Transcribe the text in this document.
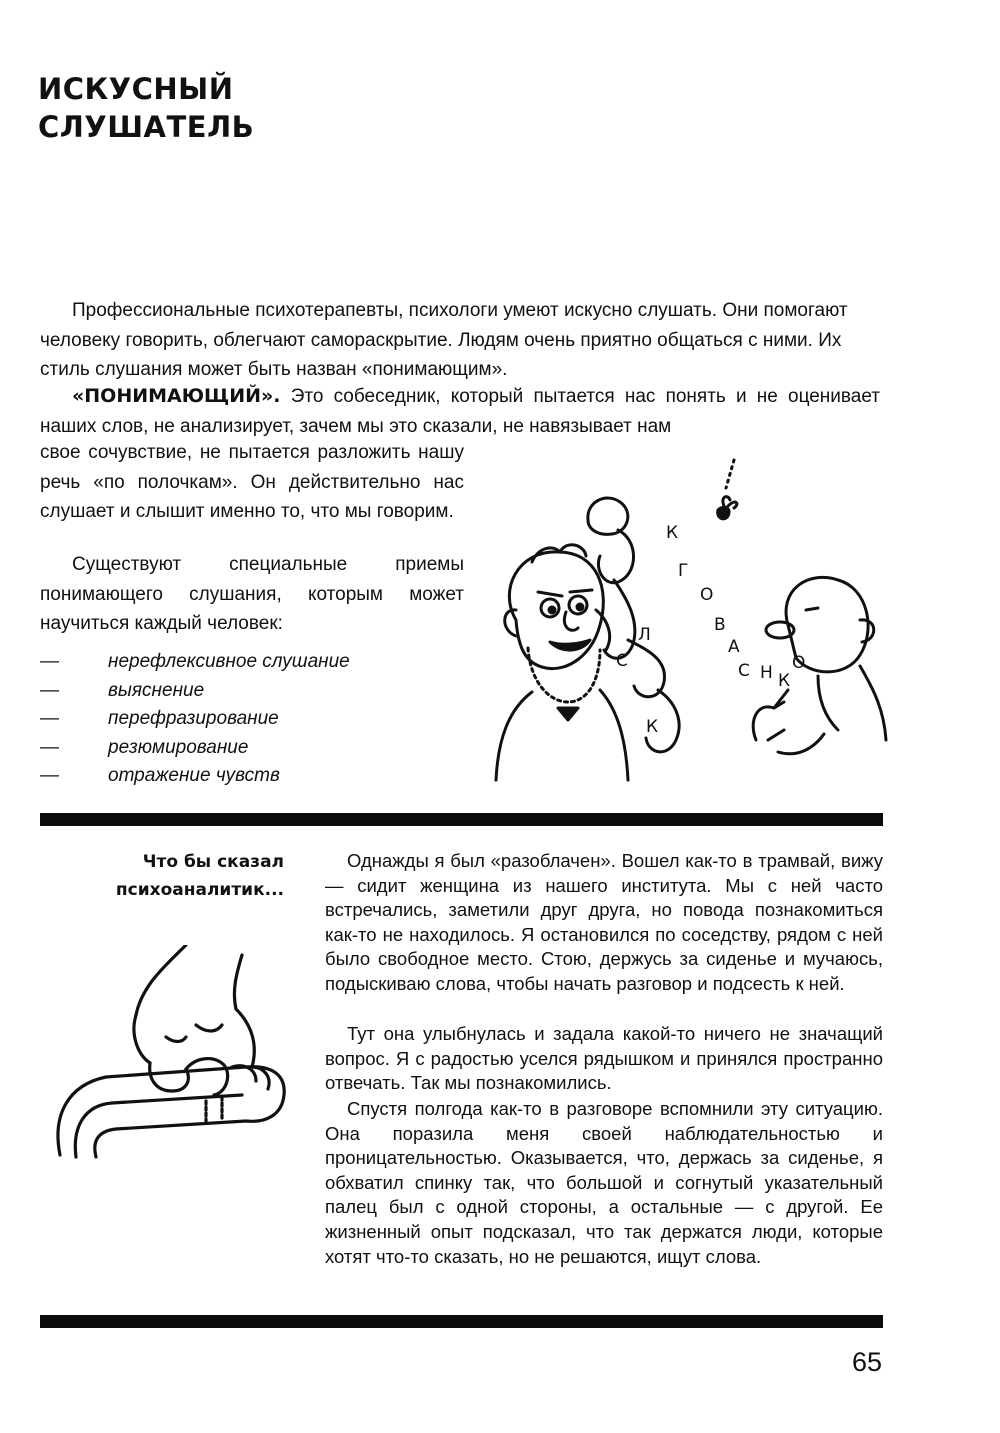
ИСКУСНЫЙ
СЛУШАТЕЛЬ

Профессиональные психотерапевты, психологи умеют искусно слушать. Они помогают человеку говорить, облегчают самораскрытие. Людям очень приятно общаться с ними. Их стиль слушания может быть назван «понимающим».

«ПОНИМАЮЩИЙ». Это собеседник, который пытается нас понять и не оценивает наших слов, не анализирует, зачем мы это сказали, не навязывает нам

свое сочувствие, не пытается разложить нашу речь «по полочкам». Он действительно нас слушает и слышит именно то, что мы говорим.

Существуют специальные приемы понимающего слушания, которым может научиться каждый человек:

—	нерефлексивное слушание
—	выяснение
—	перефразирование
—	резюмирование
—	отражение чувств
К
Г
С
Л
О
В
А
С Н К
О
К
Что бы сказал
психоаналитик...

Однажды я был «разоблачен». Вошел как-то в трамвай, вижу — сидит женщина из нашего института. Мы с ней часто встречались, заметили друг друга, но повода познакомиться как-то не находилось. Я остановился по соседству, рядом с ней было свободное место. Стою, держусь за сиденье и мучаюсь, подыскиваю слова, чтобы начать разговор и подсесть к ней.

Тут она улыбнулась и задала какой-то ничего не значащий вопрос. Я с радостью уселся рядышком и принялся пространно отвечать. Так мы познакомились.

Спустя полгода как-то в разговоре вспомнили эту ситуацию. Она поразила меня своей наблюдательностью и проницательностью. Оказывается, что, держась за сиденье, я обхватил спинку так, что большой и согнутый указательный палец был с одной стороны, а остальные — с другой. Ее жизненный опыт подсказал, что так держатся люди, которые хотят что-то сказать, но не решаются, ищут слова.

65
